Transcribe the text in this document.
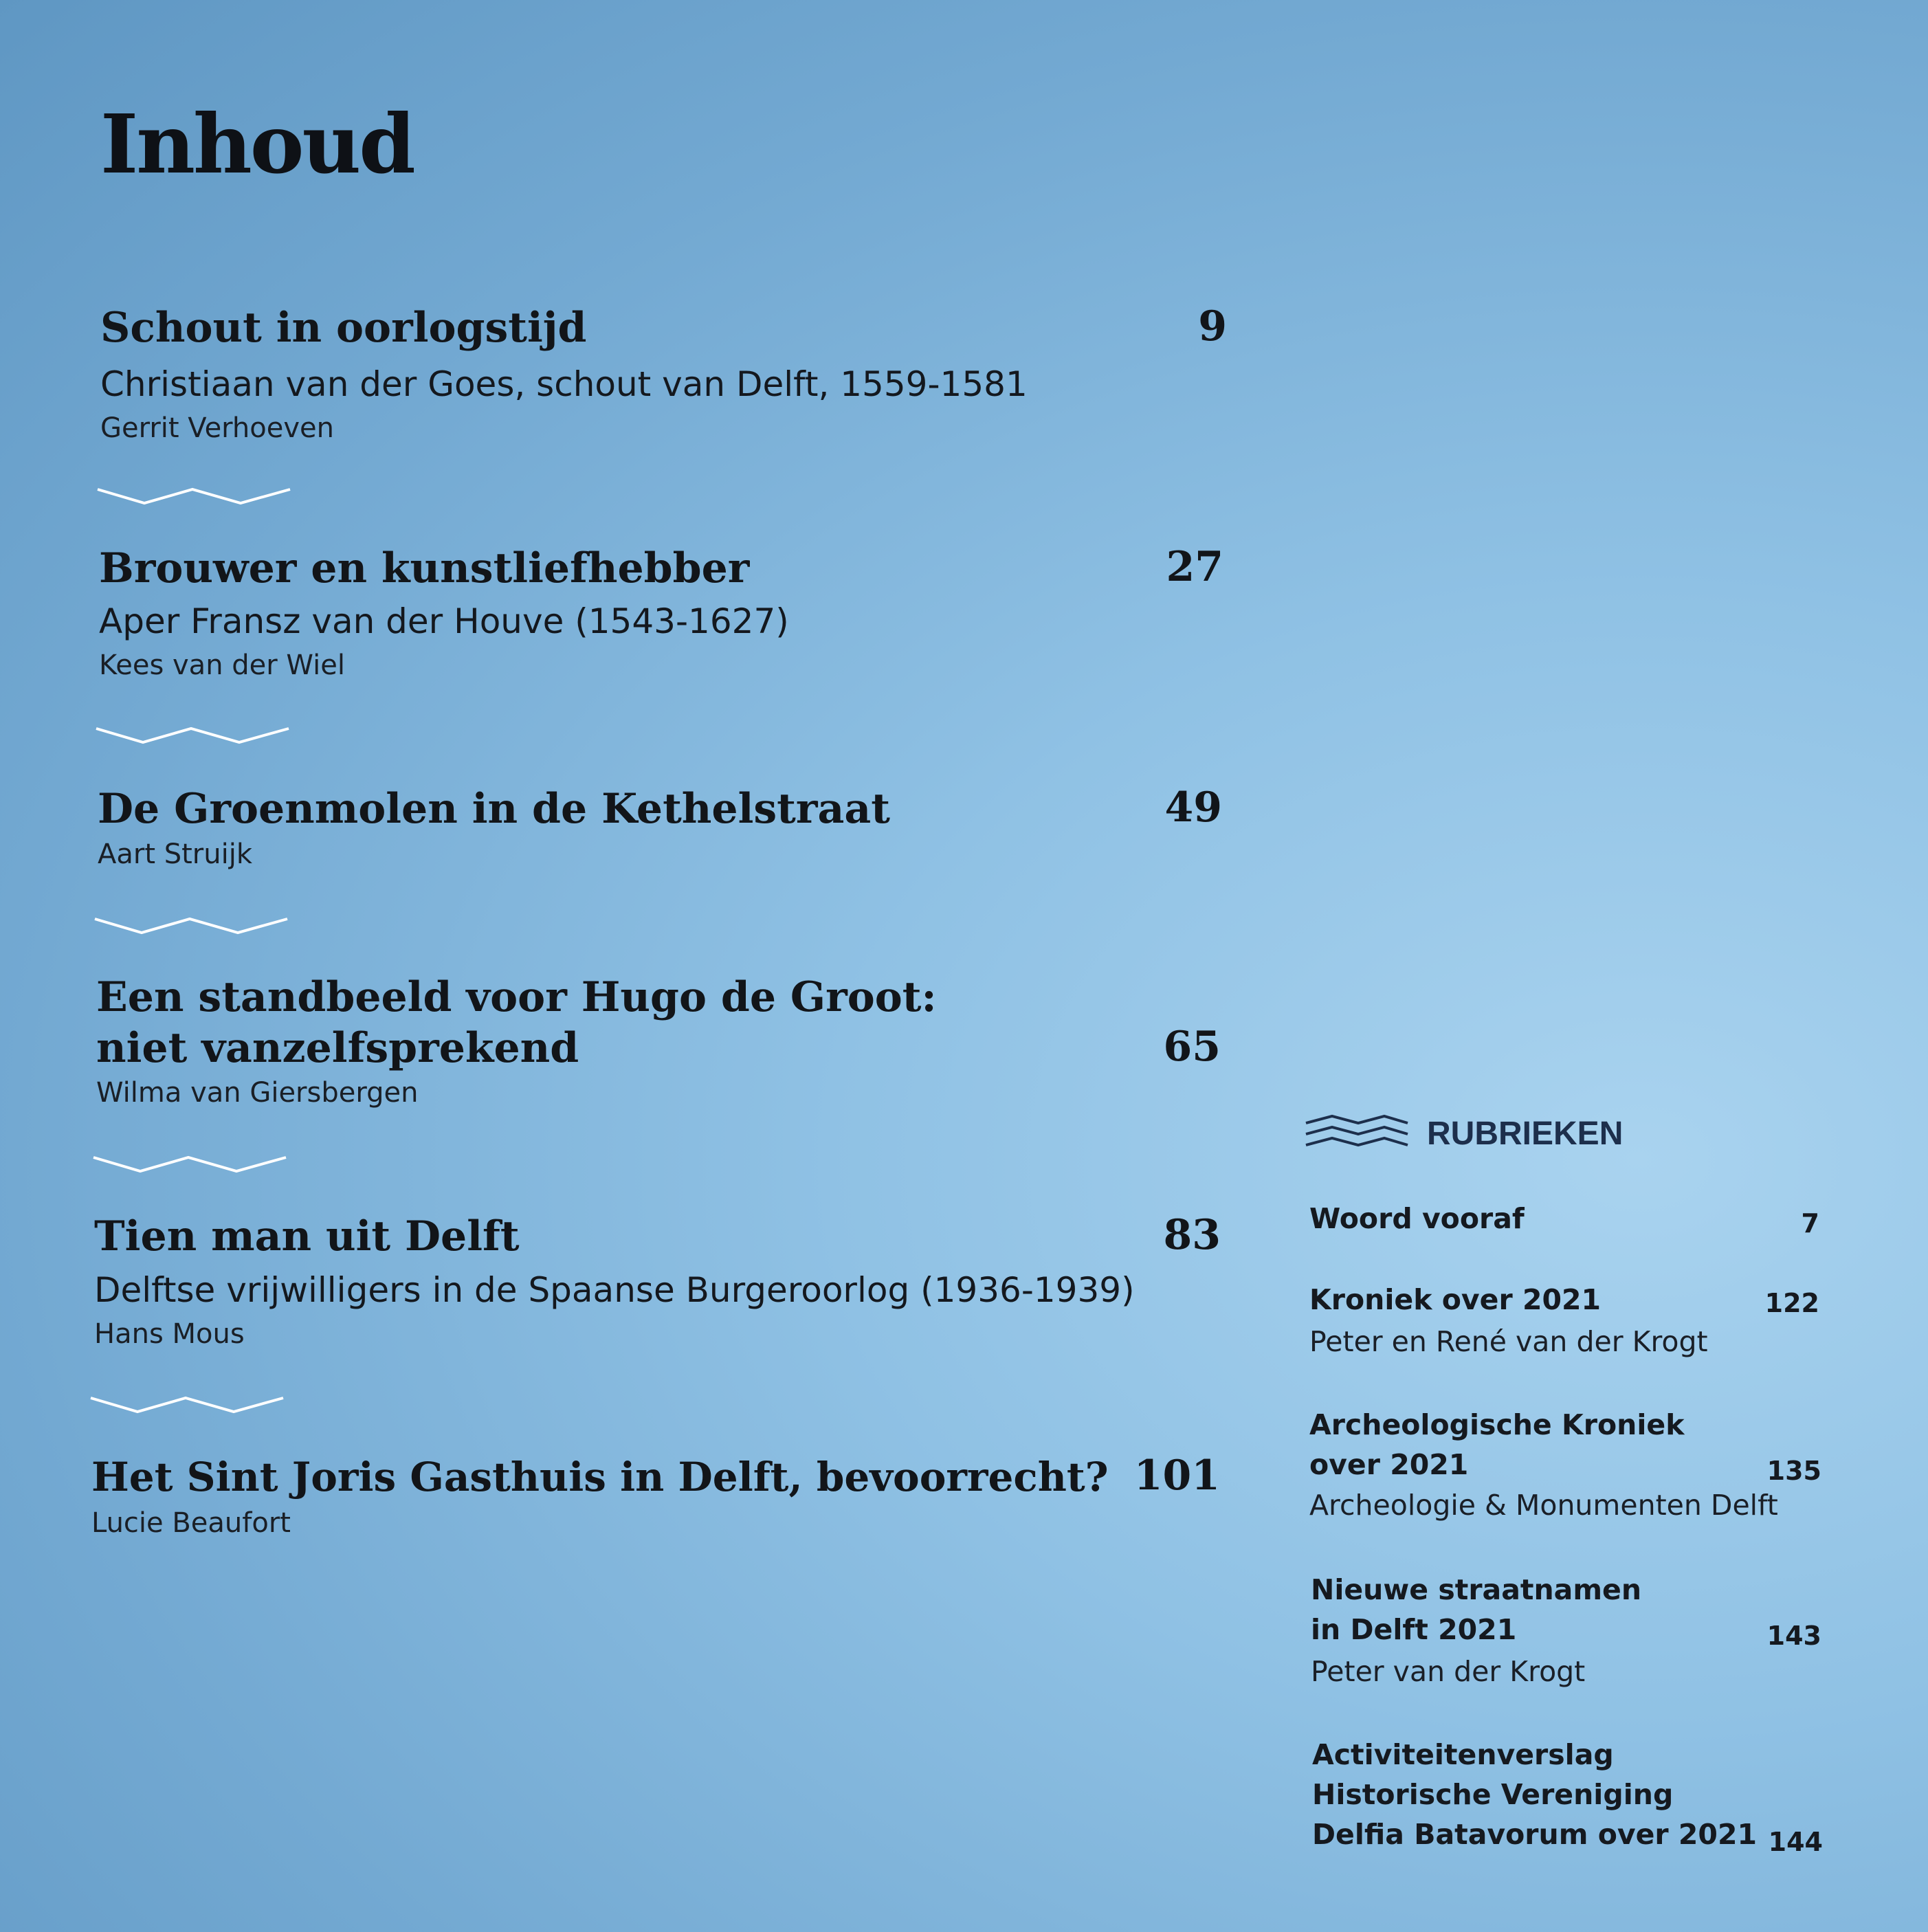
Inhoud
Schout in oorlogstijd	9
Christiaan van der Goes, schout van Delft, 1559-1581
Gerrit Verhoeven
Brouwer en kunstliefhebber	27
Aper Fransz van der Houve (1543-1627)
Kees van der Wiel
De Groenmolen in de Kethelstraat	49
Aart Struijk
Een standbeeld voor Hugo de Groot:
niet vanzelfsprekend	65
Wilma van Giersbergen
Tien man uit Delft	83
Delftse vrijwilligers in de Spaanse Burgeroorlog (1936-1939)
Hans Mous
Het Sint Joris Gasthuis in Delft, bevoorrecht? 101
Lucie Beaufort
RUBRIEKEN
Woord vooraf	7
Kroniek over 2021	122
Peter en René van der Krogt
Archeologische Kroniek
over 2021	135
Archeologie & Monumenten Delft
Nieuwe straatnamen
in Delft 2021	143
Peter van der Krogt
Activiteitenverslag
Historische Vereniging
Delfia Batavorum over 2021 144
